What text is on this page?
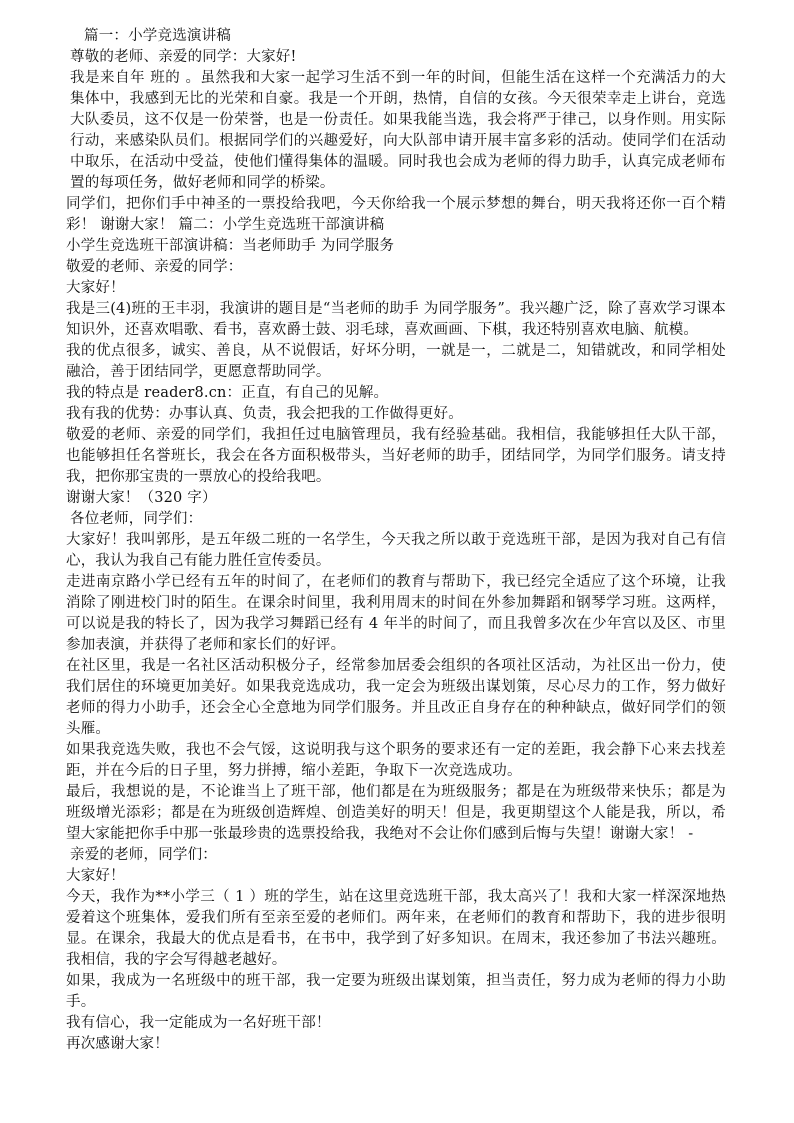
篇一：小学竞选演讲稿

尊敬的老师、亲爱的同学：大家好!

我是来自年 班的 。虽然我和大家一起学习生活不到一年的时间，但能生活在这样一个充满活力的大集体中，我感到无比的光荣和自豪。我是一个开朗，热情，自信的女孩。今天很荣幸走上讲台，竞选大队委员，这不仅是一份荣誉，也是一份责任。如果我能当选，我会将严于律己，以身作则。用实际行动，来感染队员们。根据同学们的兴趣爱好，向大队部申请开展丰富多彩的活动。使同学们在活动中取乐，在活动中受益，使他们懂得集体的温暖。同时我也会成为老师的得力助手，认真完成老师布置的每项任务，做好老师和同学的桥梁。

同学们，把你们手中神圣的一票投给我吧，今天你给我一个展示梦想的舞台，明天我将还你一百个精彩！ 谢谢大家！ 篇二：小学生竞选班干部演讲稿

小学生竞选班干部演讲稿：当老师助手 为同学服务

敬爱的老师、亲爱的同学：

大家好！

我是三(4)班的王丰羽，我演讲的题目是“当老师的助手 为同学服务”。我兴趣广泛，除了喜欢学习课本知识外，还喜欢唱歌、看书，喜欢爵士鼓、羽毛球，喜欢画画、下棋，我还特别喜欢电脑、航模。

我的优点很多，诚实、善良，从不说假话，好坏分明，一就是一，二就是二，知错就改，和同学相处融洽，善于团结同学，更愿意帮助同学。

我的特点是 reader8.cn：正直，有自己的见解。

我有我的优势：办事认真、负责，我会把我的工作做得更好。

敬爱的老师、亲爱的同学们，我担任过电脑管理员，我有经验基础。我相信，我能够担任大队干部，也能够担任名誉班长，我会在各方面积极带头，当好老师的助手，团结同学，为同学们服务。请支持我，把你那宝贵的一票放心的投给我吧。

谢谢大家！（320 字）

各位老师，同学们：

大家好！我叫郭彤，是五年级二班的一名学生，今天我之所以敢于竞选班干部，是因为我对自己有信心，我认为我自己有能力胜任宣传委员。

走进南京路小学已经有五年的时间了，在老师们的教育与帮助下，我已经完全适应了这个环境，让我消除了刚进校门时的陌生。在课余时间里，我利用周末的时间在外参加舞蹈和钢琴学习班。这两样，可以说是我的特长了，因为我学习舞蹈已经有 4 年半的时间了，而且我曾多次在少年宫以及区、市里参加表演，并获得了老师和家长们的好评。

在社区里，我是一名社区活动积极分子，经常参加居委会组织的各项社区活动，为社区出一份力，使我们居住的环境更加美好。如果我竞选成功，我一定会为班级出谋划策，尽心尽力的工作，努力做好老师的得力小助手，还会全心全意地为同学们服务。并且改正自身存在的种种缺点，做好同学们的领头雁。

如果我竞选失败，我也不会气馁，这说明我与这个职务的要求还有一定的差距，我会静下心来去找差距，并在今后的日子里，努力拼搏，缩小差距，争取下一次竞选成功。

最后，我想说的是，不论谁当上了班干部，他们都是在为班级服务；都是在为班级带来快乐；都是为班级增光添彩；都是在为班级创造辉煌、创造美好的明天！但是，我更期望这个人能是我，所以，希望大家能把你手中那一张最珍贵的选票投给我，我绝对不会让你们感到后悔与失望！谢谢大家！ -

亲爱的老师，同学们：

大家好！

今天，我作为**小学三（ 1 ）班的学生，站在这里竞选班干部，我太高兴了！我和大家一样深深地热爱着这个班集体，爱我们所有至亲至爱的老师们。两年来，在老师们的教育和帮助下，我的进步很明显。在课余，我最大的优点是看书，在书中，我学到了好多知识。在周末，我还参加了书法兴趣班。我相信，我的字会写得越老越好。

如果，我成为一名班级中的班干部，我一定要为班级出谋划策，担当责任，努力成为老师的得力小助手。

我有信心，我一定能成为一名好班干部！

再次感谢大家！
